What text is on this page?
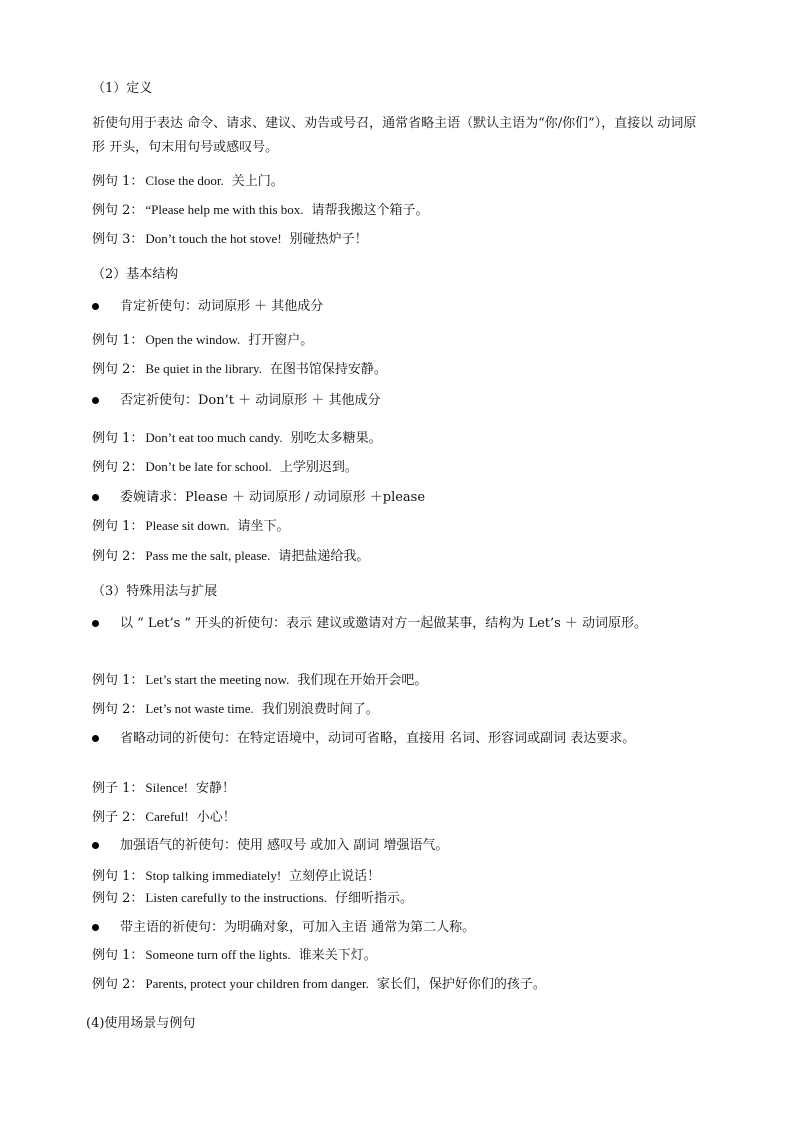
（1）定义
祈使句用于表达 命令、请求、建议、劝告或号召，通常省略主语（默认主语为“你/你们”），直接以 动词原形 开头，句末用句号或感叹号。
例句 1： Close the door. 关上门。
例句 2： “Please help me with this box. 请帮我搬这个箱子。
例句 3： Don’t touch the hot stove! 别碰热炉子！
（2）基本结构
肯定祈使句：动词原形 ＋ 其他成分
例句 1： Open the window. 打开窗户。
例句 2： Be quiet in the library. 在图书馆保持安静。
否定祈使句：Don’t ＋ 动词原形 ＋ 其他成分
例句 1： Don’t eat too much candy. 别吃太多糖果。
例句 2： Don’t be late for school. 上学别迟到。
委婉请求：Please ＋ 动词原形 / 动词原形 ＋please
例句 1： Please sit down. 请坐下。
例句 2： Pass me the salt, please. 请把盐递给我。
（3）特殊用法与扩展
以 “ Let’s ” 开头的祈使句：表示 建议或邀请对方一起做某事，结构为 Let’s ＋ 动词原形。
例句 1： Let’s start the meeting now. 我们现在开始开会吧。
例句 2： Let’s not waste time. 我们别浪费时间了。
省略动词的祈使句：在特定语境中，动词可省略，直接用 名词、形容词或副词 表达要求。
例子 1： Silence! 安静！
例子 2： Careful! 小心！
加强语气的祈使句：使用 感叹号 或加入 副词 增强语气。
例句 1： Stop talking immediately! 立刻停止说话！
例句 2： Listen carefully to the instructions. 仔细听指示。
带主语的祈使句：为明确对象，可加入主语 通常为第二人称。
例句 1： Someone turn off the lights. 谁来关下灯。
例句 2： Parents, protect your children from danger. 家长们，保护好你们的孩子。
(4)使用场景与例句
